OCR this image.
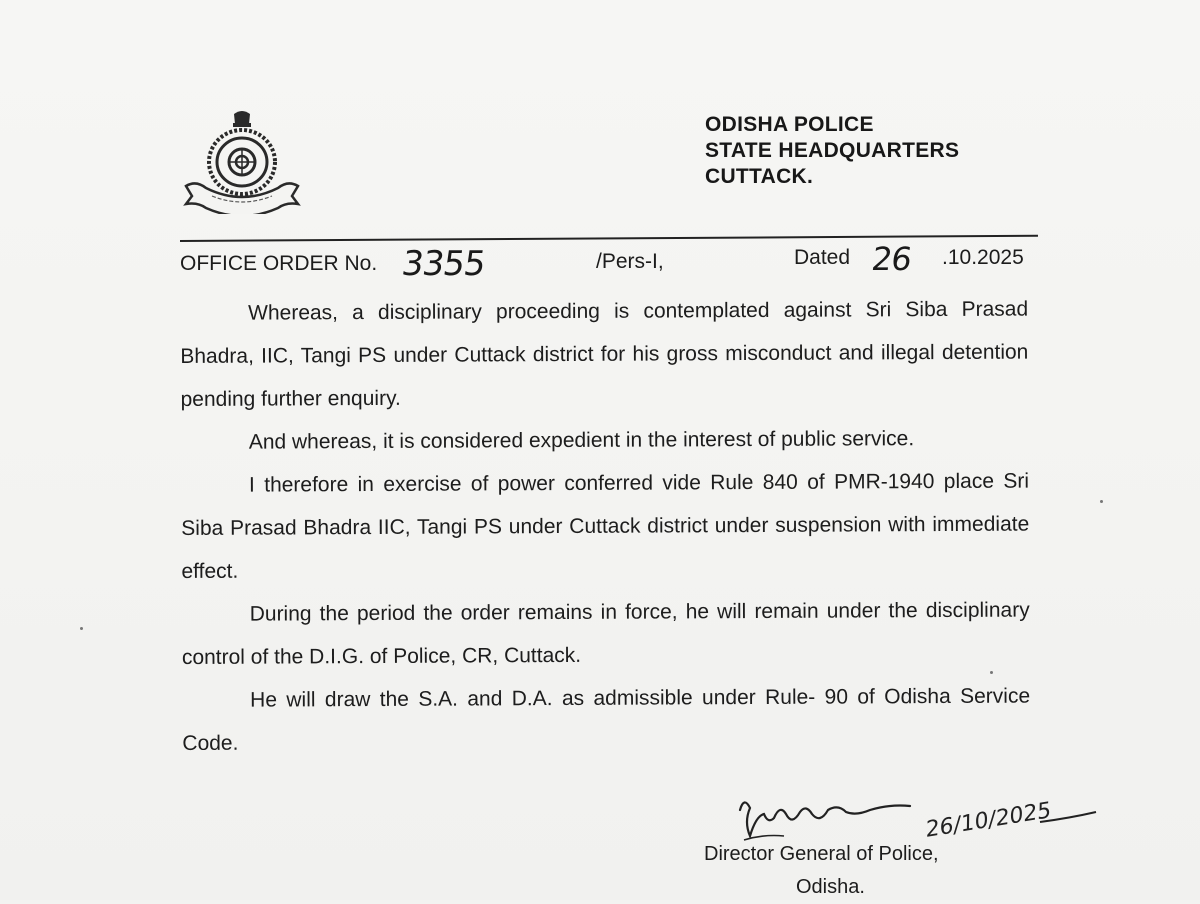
ODISHA POLICE
STATE HEADQUARTERS
CUTTACK.
OFFICE ORDER No. 3355	/Pers-I,	Dated 26 .10.2025

Whereas, a disciplinary proceeding is contemplated against Sri Siba Prasad Bhadra, IIC, Tangi PS under Cuttack district for his gross misconduct and illegal detention pending further enquiry.

And whereas, it is considered expedient in the interest of public service.

I therefore in exercise of power conferred vide Rule 840 of PMR-1940 place Sri Siba Prasad Bhadra IIC, Tangi PS under Cuttack district under suspension with immediate effect.

During the period the order remains in force, he will remain under the disciplinary control of the D.I.G. of Police, CR, Cuttack.

He will draw the S.A. and D.A. as admissible under Rule- 90 of Odisha Service Code.

26/10/2025
Director General of Police,
Odisha.
